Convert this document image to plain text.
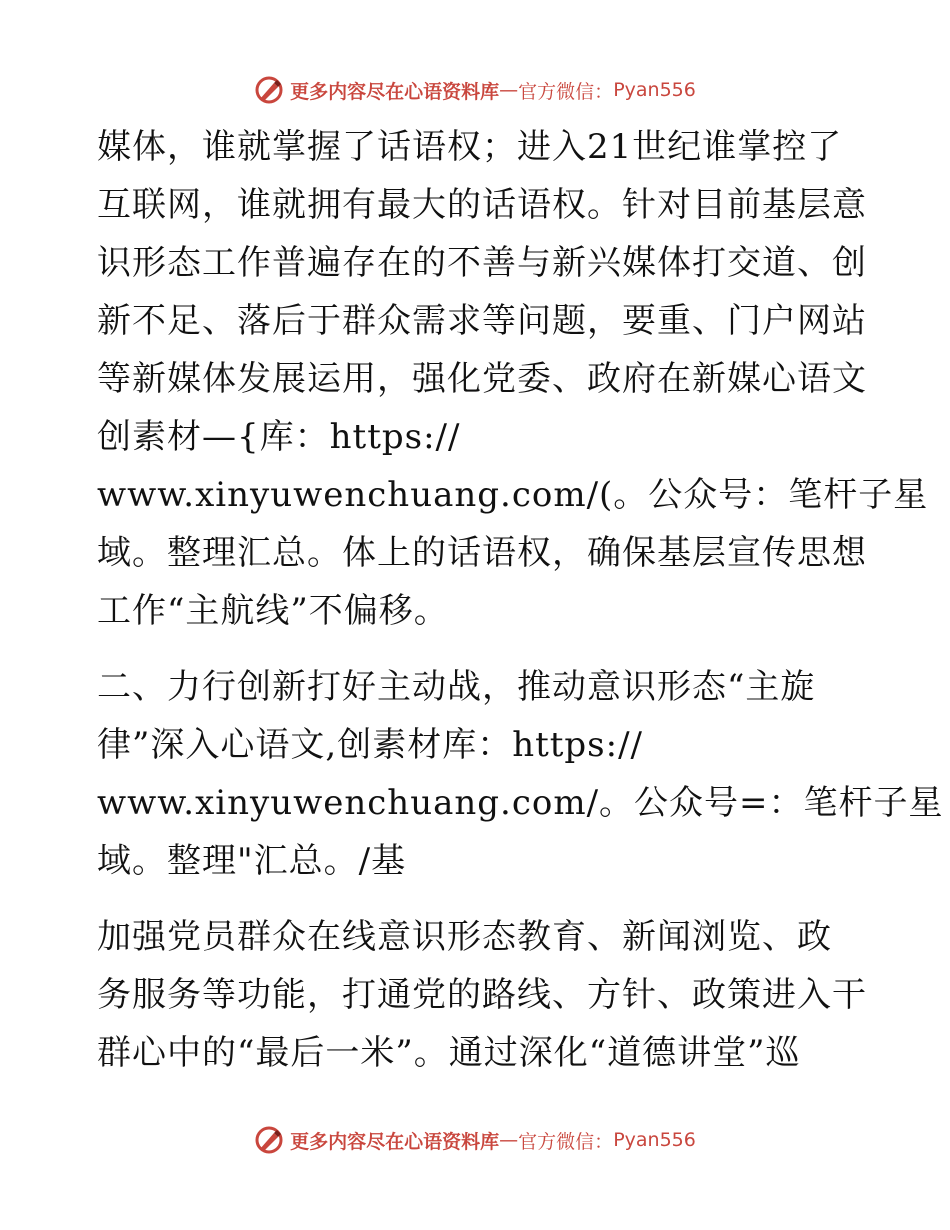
更多内容尽在心语资料库 — 官方微信： Pyan556
媒体，谁就掌握了话语权；进入21世纪谁掌控了
互联网，谁就拥有最大的话语权。针对目前基层意
识形态工作普遍存在的不善与新兴媒体打交道、创
新不足、落后于群众需求等问题，要重、门户网站
等新媒体发展运用，强化党委、政府在新媒心语文
创素材—{库：https://
www.xinyuwenchuang.com/(。公众号：笔杆子星
域。整理汇总。体上的话语权，确保基层宣传思想
工作“主航线”不偏移。
二、力行创新打好主动战，推动意识形态“主旋
律”深入心语文,创素材库：https://
www.xinyuwenchuang.com/。公众号=：笔杆子星
域。整理"汇总。/基
加强党员群众在线意识形态教育、新闻浏览、政
务服务等功能，打通党的路线、方针、政策进入干
群心中的“最后一米”。通过深化“道德讲堂”巡
更多内容尽在心语资料库 — 官方微信： Pyan556
